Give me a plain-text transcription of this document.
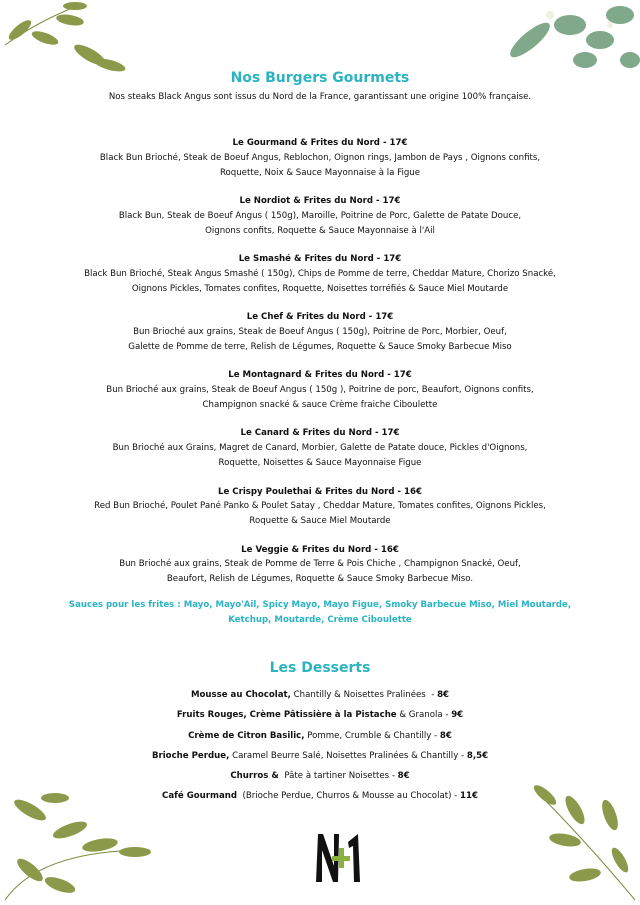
Nos Burgers Gourmets
Nos steaks Black Angus sont issus du Nord de la France, garantissant une origine 100% française.
Le Gourmand & Frites du Nord - 17€
Black Bun Brioché, Steak de Boeuf Angus, Reblochon, Oignon rings, Jambon de Pays , Oignons confits,
Roquette, Noix & Sauce Mayonnaise à la Figue
Le Nordiot & Frites du Nord - 17€
Black Bun, Steak de Boeuf Angus ( 150g), Maroille, Poitrine de Porc, Galette de Patate Douce,
Oignons confits, Roquette & Sauce Mayonnaise à l'Ail
Le Smashé & Frites du Nord - 17€
Black Bun Brioché, Steak Angus Smashé ( 150g), Chips de Pomme de terre, Cheddar Mature, Chorizo Snacké,
Oignons Pickles, Tomates confites, Roquette, Noisettes torréfiés & Sauce Miel Moutarde
Le Chef & Frites du Nord - 17€
Bun Brioché aux grains, Steak de Boeuf Angus ( 150g), Poitrine de Porc, Morbier, Oeuf,
Galette de Pomme de terre, Relish de Légumes, Roquette & Sauce Smoky Barbecue Miso
Le Montagnard & Frites du Nord - 17€
Bun Brioché aux grains, Steak de Boeuf Angus ( 150g ), Poitrine de porc, Beaufort, Oignons confits,
Champignon snacké & sauce Crème fraiche Ciboulette
Le Canard & Frites du Nord - 17€
Bun Brioché aux Grains, Magret de Canard, Morbier, Galette de Patate douce, Pickles d'Oignons,
Roquette, Noisettes & Sauce Mayonnaise Figue
Le Crispy Poulethai & Frites du Nord - 16€
Red Bun Brioché, Poulet Pané Panko & Poulet Satay , Cheddar Mature, Tomates confites, Oignons Pickles,
Roquette & Sauce Miel Moutarde
Le Veggie & Frites du Nord - 16€
Bun Brioché aux grains, Steak de Pomme de Terre & Pois Chiche , Champignon Snacké, Oeuf,
Beaufort, Relish de Légumes, Roquette & Sauce Smoky Barbecue Miso.
Sauces pour les frites : Mayo, Mayo'Ail, Spicy Mayo, Mayo Figue, Smoky Barbecue Miso, Miel Moutarde,
Ketchup, Moutarde, Crème Ciboulette
Les Desserts
Mousse au Chocolat, Chantilly & Noisettes Pralinées  - 8€
Fruits Rouges, Crème Pâtissière à la Pistache & Granola - 9€
Crème de Citron Basilic, Pomme, Crumble & Chantilly - 8€
Brioche Perdue, Caramel Beurre Salé, Noisettes Pralinées & Chantilly - 8,5€
Churros &  Pâte à tartiner Noisettes - 8€
Café Gourmand  (Brioche Perdue, Churros & Mousse au Chocolat) - 11€
